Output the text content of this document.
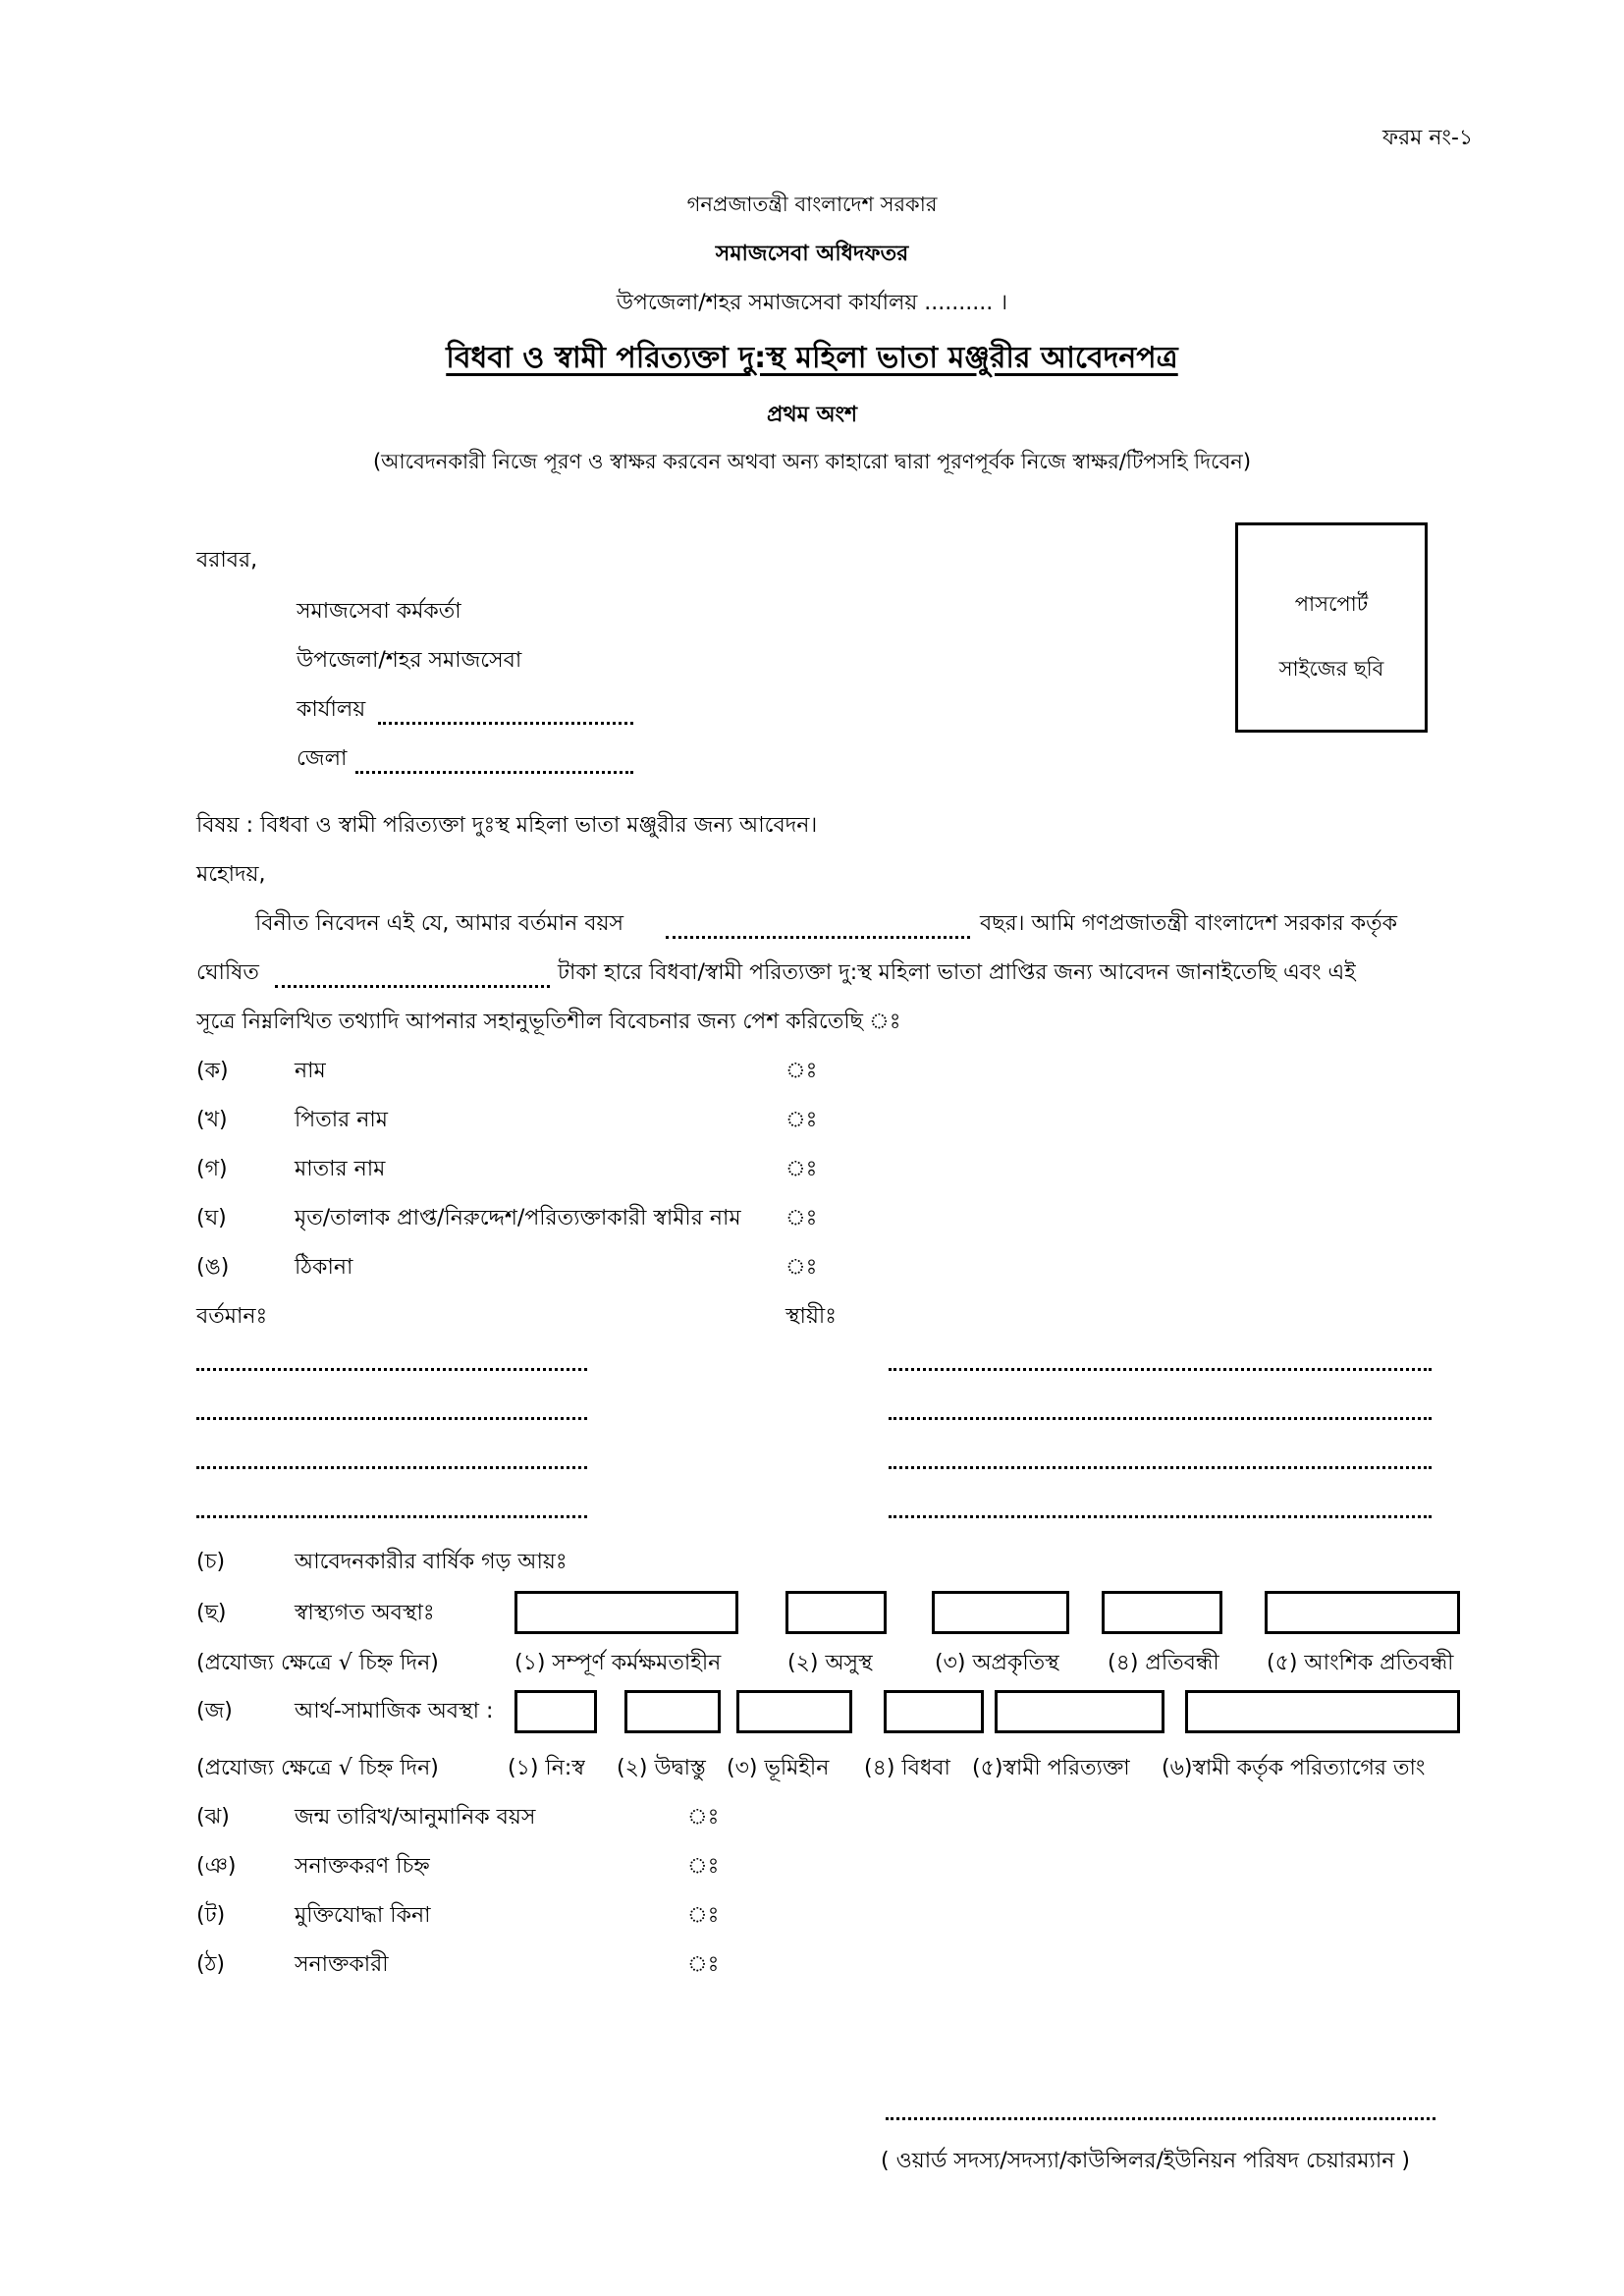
ফরম নং-১
গনপ্রজাতন্ত্রী বাংলাদেশ সরকার
সমাজসেবা অধিদফতর
উপজেলা/শহর সমাজসেবা কার্যালয় .......... ।
বিধবা ও স্বামী পরিত্যক্তা দু:স্থ মহিলা ভাতা মঞ্জুরীর আবেদনপত্র
প্রথম অংশ
(আবেদনকারী নিজে পূরণ ও স্বাক্ষর করবেন অথবা অন্য কাহারো দ্বারা পূরণপূর্বক নিজে স্বাক্ষর/টিপসহি দিবেন)
পাসপোর্ট
সাইজের ছবি
বরাবর,
সমাজসেবা কর্মকর্তা
উপজেলা/শহর সমাজসেবা
কার্যালয়
জেলা
বিষয় : বিধবা ও স্বামী পরিত্যক্তা দুঃস্থ মহিলা ভাতা মঞ্জুরীর জন্য আবেদন।
মহোদয়,
বিনীত নিবেদন এই যে, আমার বর্তমান বয়স	বছর। আমি গণপ্রজাতন্ত্রী বাংলাদেশ সরকার কর্তৃক
ঘোষিত	টাকা হারে বিধবা/স্বামী পরিত্যক্তা দু:স্থ মহিলা ভাতা প্রাপ্তির জন্য আবেদন জানাইতেছি এবং এই
সূত্রে নিম্নলিখিত তথ্যাদি আপনার সহানুভূতিশীল বিবেচনার জন্য পেশ করিতেছি ঃ
(ক)	নাম	ঃ
(খ)	পিতার নাম	ঃ
(গ)	মাতার নাম	ঃ
(ঘ)	মৃত/তালাক প্রাপ্ত/নিরুদ্দেশ/পরিত্যক্তাকারী স্বামীর নাম ঃ
(ঙ)	ঠিকানা	ঃ
বর্তমানঃ	স্থায়ীঃ
(চ)	আবেদনকারীর বার্ষিক গড় আয়ঃ
(ছ)	স্বাস্থ্যগত অবস্থাঃ
(প্রযোজ্য ক্ষেত্রে √ চিহ্ন দিন)	(১) সম্পূর্ণ কর্মক্ষমতাহীন	(২) অসুস্থ	(৩) অপ্রকৃতিস্থ (৪) প্রতিবন্ধী (৫) আংশিক প্রতিবন্ধী
(জ)	আর্থ-সামাজিক অবস্থা :
(প্রযোজ্য ক্ষেত্রে √ চিহ্ন দিন)	(১) নি:স্ব (২) উদ্বাস্তু (৩) ভূমিহীন (৪) বিধবা (৫)স্বামী পরিত্যক্তা (৬)স্বামী কর্তৃক পরিত্যাগের তাং
(ঝ)	জন্ম তারিখ/আনুমানিক বয়স	ঃ
(ঞ)	সনাক্তকরণ চিহ্ন	ঃ
(ট)	মুক্তিযোদ্ধা কিনা	ঃ
(ঠ)	সনাক্তকারী	ঃ
( ওয়ার্ড সদস্য/সদস্যা/কাউন্সিলর/ইউনিয়ন পরিষদ চেয়ারম্যান )
